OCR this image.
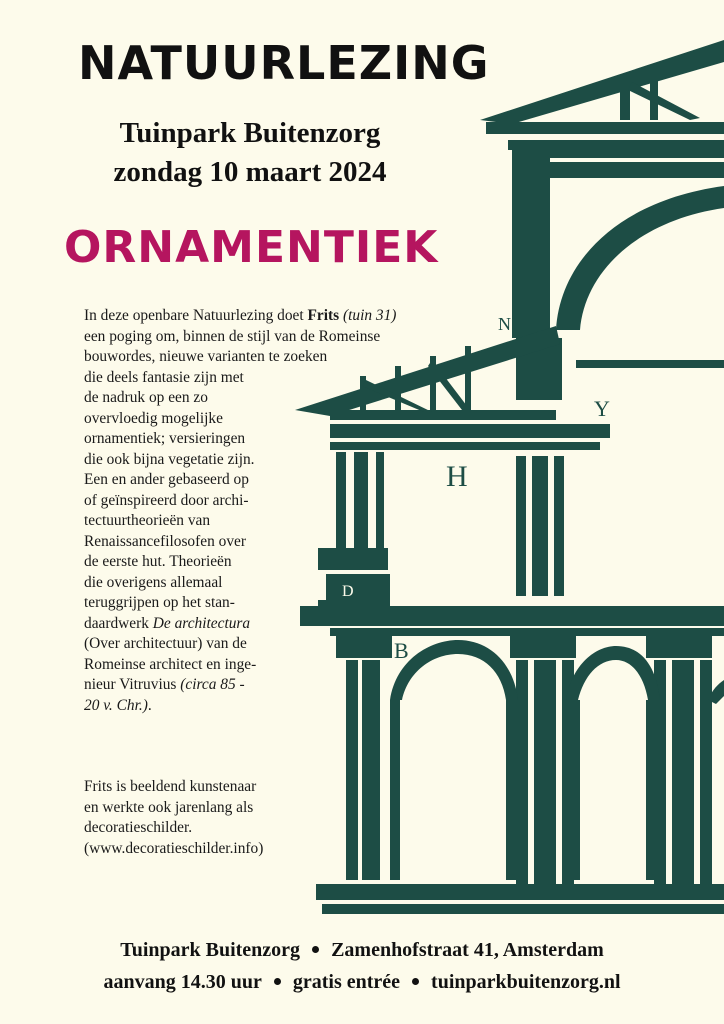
N
H
B
D
Y
NATUURLEZING
Tuinpark Buitenzorg
zondag 10 maart 2024
ORNAMENTIEK
In deze openbare Natuurlezing doet Frits (tuin 31)
een poging om, binnen de stijl van de Romeinse
bouwordes, nieuwe varianten te zoeken
die deels fantasie zijn met
de nadruk op een zo
overvloedig mogelijke
ornamentiek; versieringen
die ook bijna vegetatie zijn.
Een en ander gebaseerd op
of geïnspireerd door archi-
tectuurtheorieën van
Renaissancefilosofen over
de eerste hut. Theorieën
die overigens allemaal
teruggrijpen op het stan-
daardwerk De architectura
(Over architectuur) van de
Romeinse architect en inge-
nieur Vitruvius (circa 85 -
20 v. Chr.).
Frits is beeldend kunstenaar
en werkte ook jarenlang als
decoratieschilder.
(www.decoratieschilder.info)
Tuinpark Buitenzorg Zamenhofstraat 41, Amsterdam
aanvang 14.30 uur gratis entrée tuinparkbuitenzorg.nl
